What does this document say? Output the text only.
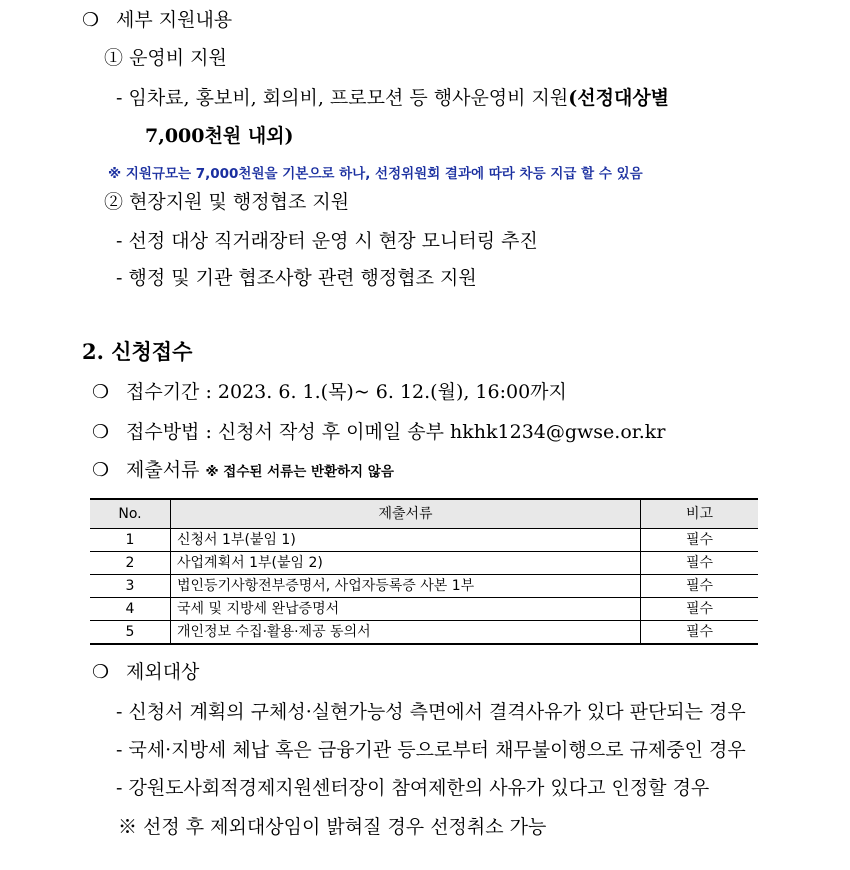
❍ 세부 지원내용
① 운영비 지원
- 임차료, 홍보비, 회의비, 프로모션 등 행사운영비 지원(선정대상별
7,000천원 내외)
※ 지원규모는 7,000천원을 기본으로 하나, 선정위원회 결과에 따라 차등 지급 할 수 있음
② 현장지원 및 행정협조 지원
- 선정 대상 직거래장터 운영 시 현장 모니터링 추진
- 행정 및 기관 협조사항 관련 행정협조 지원
2. 신청접수
❍ 접수기간 : 2023. 6. 1.(목)~ 6. 12.(월), 16:00까지
❍ 접수방법 : 신청서 작성 후 이메일 송부 hkhk1234@gwse.or.kr
❍ 제출서류 ※ 접수된 서류는 반환하지 않음
No.	제출서류	비고
1	신청서 1부(붙임 1)	필수
2	사업계획서 1부(붙임 2)	필수
3	법인등기사항전부증명서, 사업자등록증 사본 1부	필수
4	국세 및 지방세 완납증명서	필수
5	개인정보 수집·활용·제공 동의서	필수
❍ 제외대상
- 신청서 계획의 구체성·실현가능성 측면에서 결격사유가 있다 판단되는 경우
- 국세·지방세 체납 혹은 금융기관 등으로부터 채무불이행으로 규제중인 경우
- 강원도사회적경제지원센터장이 참여제한의 사유가 있다고 인정할 경우
※ 선정 후 제외대상임이 밝혀질 경우 선정취소 가능
